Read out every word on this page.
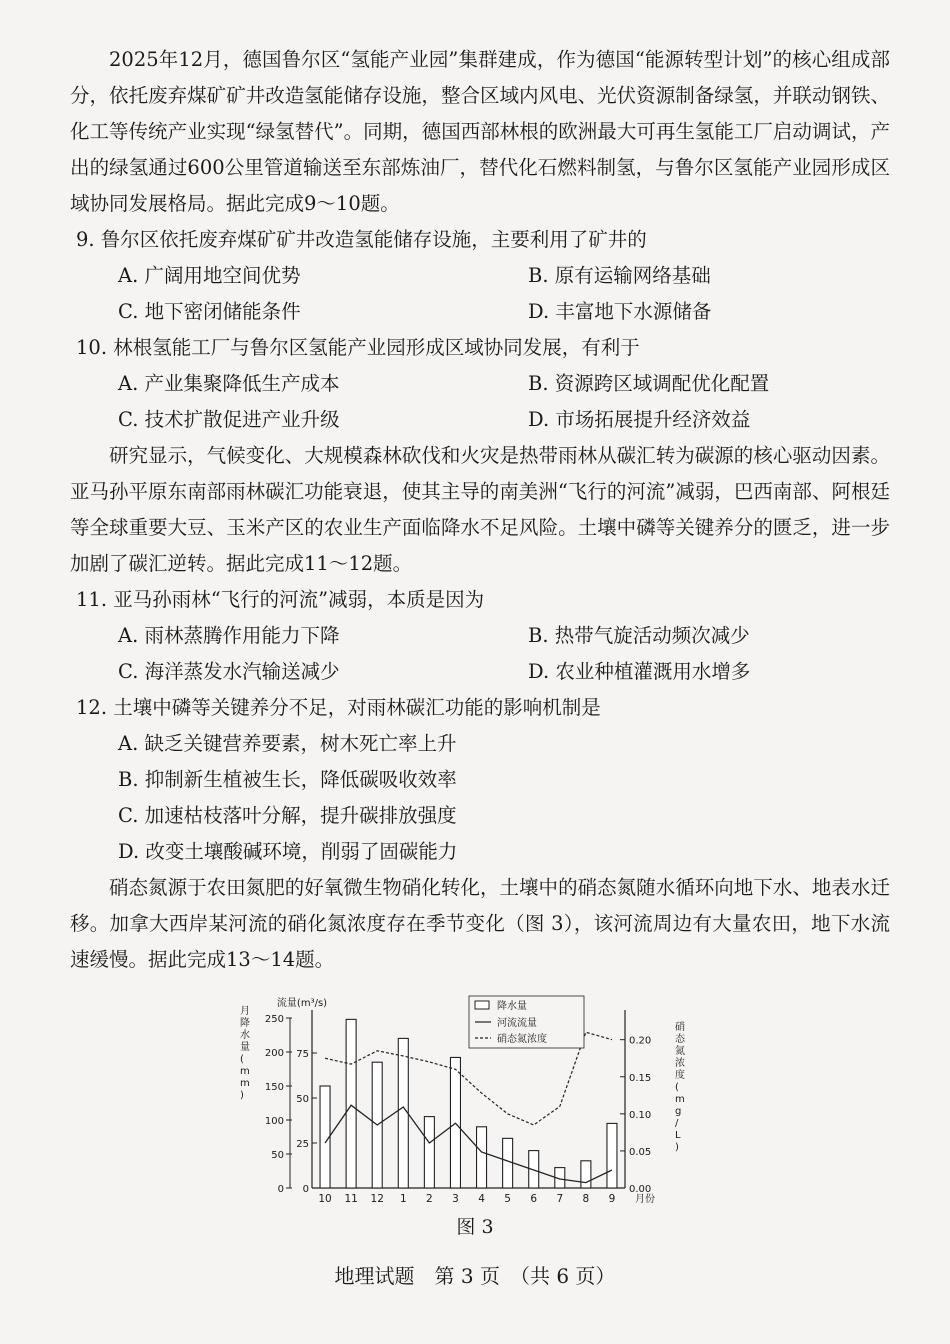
2025年12月，德国鲁尔区“氢能产业园”集群建成，作为德国“能源转型计划”的核心组成部分，依托废弃煤矿矿井改造氢能储存设施，整合区域内风电、光伏资源制备绿氢，并联动钢铁、化工等传统产业实现“绿氢替代”。同期，德国西部林根的欧洲最大可再生氢能工厂启动调试，产出的绿氢通过600公里管道输送至东部炼油厂，替代化石燃料制氢，与鲁尔区氢能产业园形成区域协同发展格局。据此完成9～10题。
9. 鲁尔区依托废弃煤矿矿井改造氢能储存设施，主要利用了矿井的
A. 广阔用地空间优势	B. 原有运输网络基础
C. 地下密闭储能条件	D. 丰富地下水源储备
10. 林根氢能工厂与鲁尔区氢能产业园形成区域协同发展，有利于
A. 产业集聚降低生产成本	B. 资源跨区域调配优化配置
C. 技术扩散促进产业升级	D. 市场拓展提升经济效益
研究显示，气候变化、大规模森林砍伐和火灾是热带雨林从碳汇转为碳源的核心驱动因素。亚马孙平原东南部雨林碳汇功能衰退，使其主导的南美洲“飞行的河流”减弱，巴西南部、阿根廷等全球重要大豆、玉米产区的农业生产面临降水不足风险。土壤中磷等关键养分的匮乏，进一步加剧了碳汇逆转。据此完成11～12题。
11. 亚马孙雨林“飞行的河流”减弱，本质是因为
A. 雨林蒸腾作用能力下降	B. 热带气旋活动频次减少
C. 海洋蒸发水汽输送减少	D. 农业种植灌溉用水增多
12. 土壤中磷等关键养分不足，对雨林碳汇功能的影响机制是
A. 缺乏关键营养要素，树木死亡率上升
B. 抑制新生植被生长，降低碳吸收效率
C. 加速枯枝落叶分解，提升碳排放强度
D. 改变土壤酸碱环境，削弱了固碳能力
硝态氮源于农田氮肥的好氧微生物硝化转化，土壤中的硝态氮随水循环向地下水、地表水迁移。加拿大西岸某河流的硝化氮浓度存在季节变化（图 3），该河流周边有大量农田，地下水流速缓慢。据此完成13～14题。
0
50
100
150
200
250
0
25
50
75
流量(m³/s)
月降水量( m m )
0.00
0.05
0.10
0.15
0.20
硝态氮浓度( m g / L )
10 11 12 1 2 3 4 5 6 7 8 9 月份
降水量
河流流量
硝态氮浓度
图 3
地理试题　第 3 页　（共 6 页）
